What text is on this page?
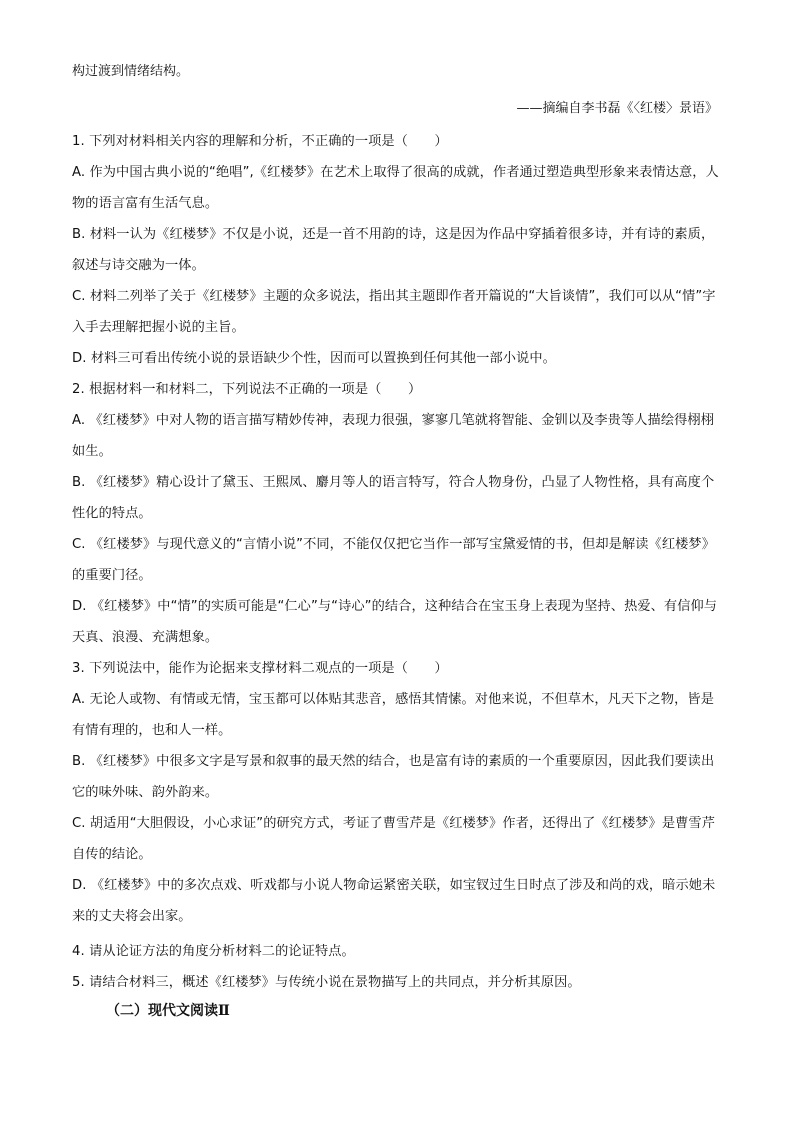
构过渡到情绪结构。
——摘编自李书磊《〈红楼〉景语》

1. 下列对材料相关内容的理解和分析，不正确的一项是（　　）

A. 作为中国古典小说的“绝唱”,《红楼梦》在艺术上取得了很高的成就，作者通过塑造典型形象来表情达意，人物的语言富有生活气息。

B. 材料一认为《红楼梦》不仅是小说，还是一首不用韵的诗，这是因为作品中穿插着很多诗，并有诗的素质，叙述与诗交融为一体。

C. 材料二列举了关于《红楼梦》主题的众多说法，指出其主题即作者开篇说的“大旨谈情”，我们可以从“情”字入手去理解把握小说的主旨。

D. 材料三可看出传统小说的景语缺少个性，因而可以置换到任何其他一部小说中。

2. 根据材料一和材料二，下列说法不正确的一项是（　　）

A. 《红楼梦》中对人物的语言描写精妙传神，表现力很强，寥寥几笔就将智能、金钏以及李贵等人描绘得栩栩如生。

B. 《红楼梦》精心设计了黛玉、王熙凤、麝月等人的语言特写，符合人物身份，凸显了人物性格，具有高度个性化的特点。

C. 《红楼梦》与现代意义的“言情小说”不同，不能仅仅把它当作一部写宝黛爱情的书，但却是解读《红楼梦》的重要门径。

D. 《红楼梦》中“情”的实质可能是“仁心”与“诗心”的结合，这种结合在宝玉身上表现为坚持、热爱、有信仰与天真、浪漫、充满想象。

3. 下列说法中，能作为论据来支撑材料二观点的一项是（　　）

A. 无论人或物、有情或无情，宝玉都可以体贴其悲音，感悟其情愫。对他来说，不但草木，凡天下之物，皆是有情有理的，也和人一样。

B. 《红楼梦》中很多文字是写景和叙事的最天然的结合，也是富有诗的素质的一个重要原因，因此我们要读出它的味外味、韵外韵来。

C. 胡适用“大胆假设，小心求证”的研究方式，考证了曹雪芹是《红楼梦》作者，还得出了《红楼梦》是曹雪芹自传的结论。

D. 《红楼梦》中的多次点戏、听戏都与小说人物命运紧密关联，如宝钗过生日时点了涉及和尚的戏，暗示她未来的丈夫将会出家。

4. 请从论证方法的角度分析材料二的论证特点。

5. 请结合材料三，概述《红楼梦》与传统小说在景物描写上的共同点，并分析其原因。

（二）现代文阅读Ⅱ
